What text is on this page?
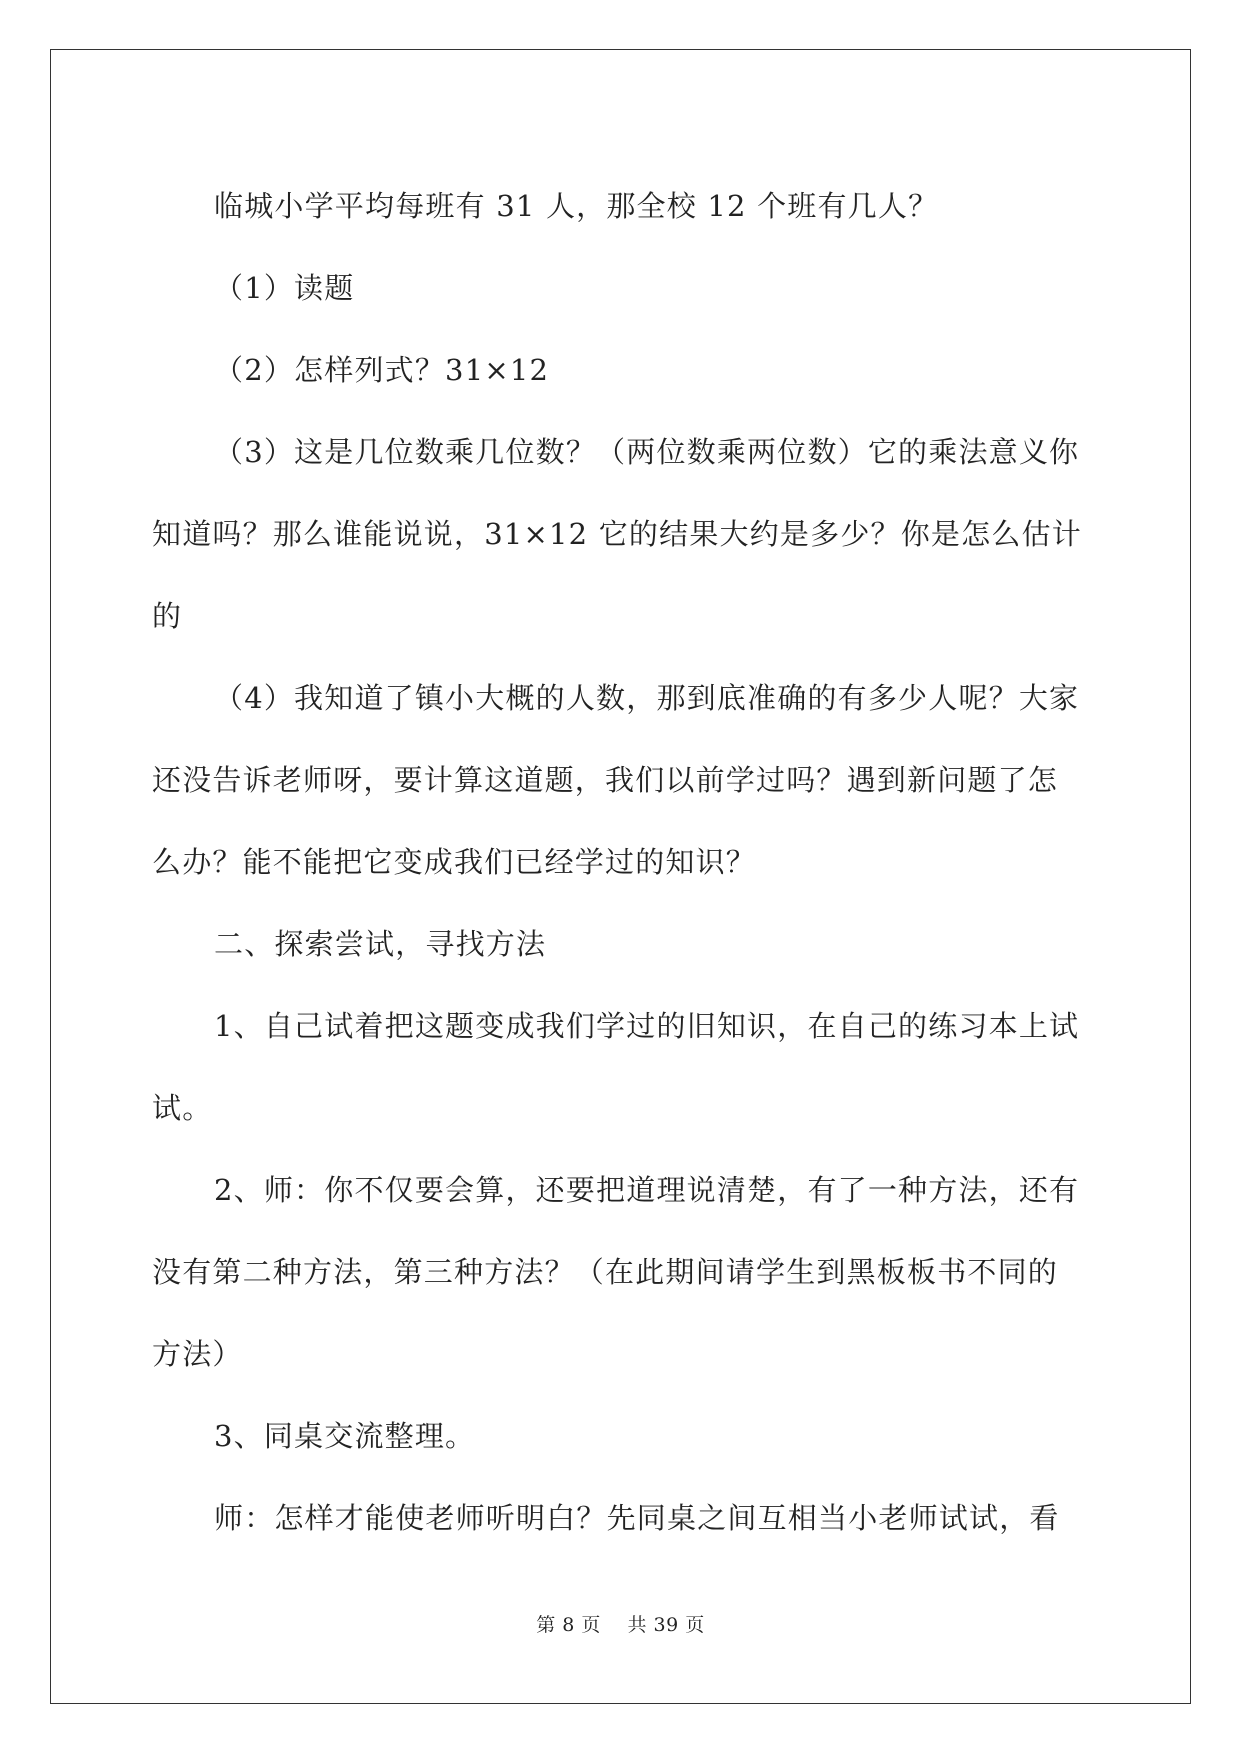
临城小学平均每班有 31 人，那全校 12 个班有几人？

（1）读题

（2）怎样列式？31×12

（3）这是几位数乘几位数？（两位数乘两位数）它的乘法意义你
知道吗？那么谁能说说，31×12 它的结果大约是多少？你是怎么估计
的

（4）我知道了镇小大概的人数，那到底准确的有多少人呢？大家
还没告诉老师呀，要计算这道题，我们以前学过吗？遇到新问题了怎
么办？能不能把它变成我们已经学过的知识？

二、探索尝试，寻找方法

1、自己试着把这题变成我们学过的旧知识，在自己的练习本上试
试。

2、师：你不仅要会算，还要把道理说清楚，有了一种方法，还有
没有第二种方法，第三种方法？（在此期间请学生到黑板板书不同的
方法）

3、同桌交流整理。

师：怎样才能使老师听明白？先同桌之间互相当小老师试试，看

第 8 页 共 39 页
